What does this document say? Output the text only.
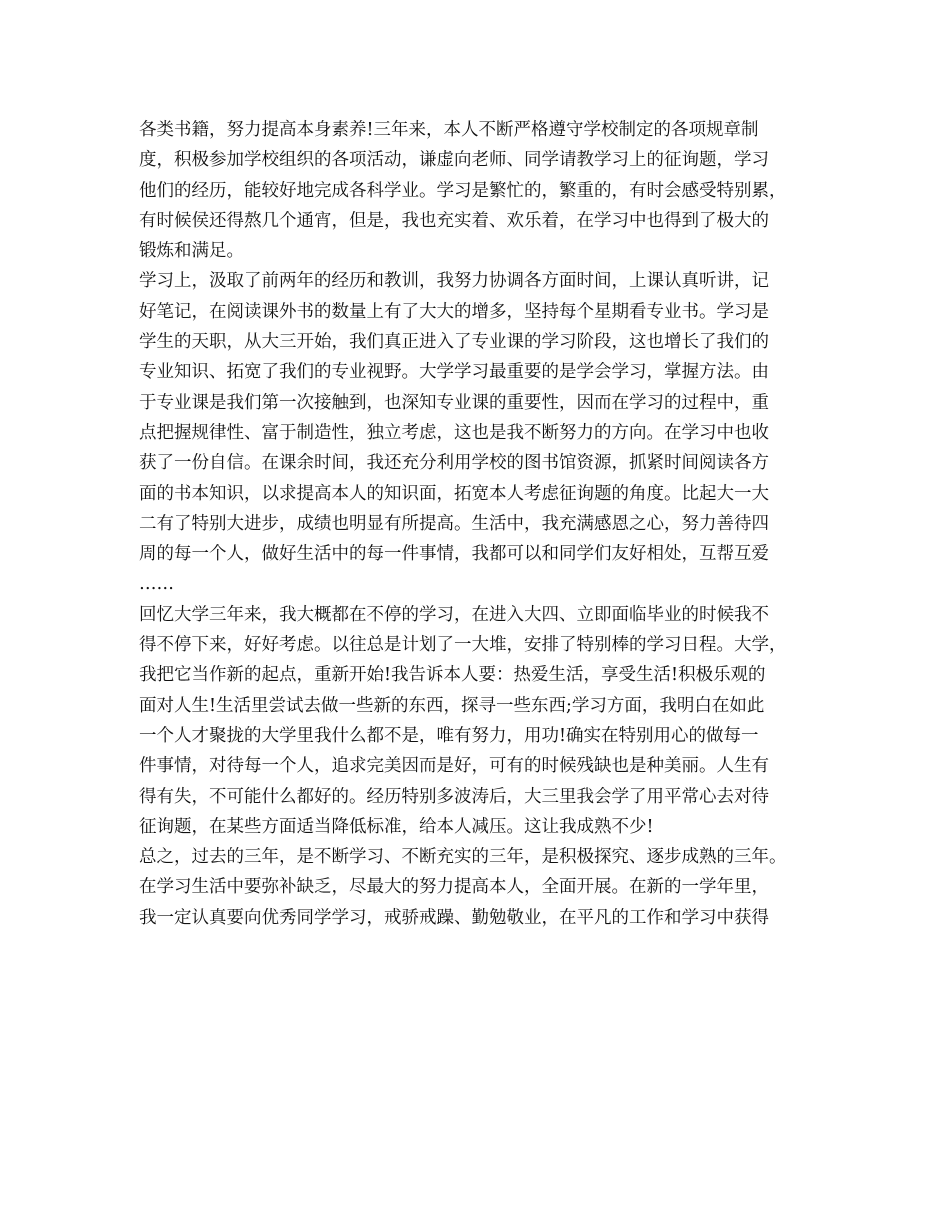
各类书籍，努力提高本身素养!三年来，本人不断严格遵守学校制定的各项规章制
度，积极参加学校组织的各项活动，谦虚向老师、同学请教学习上的征询题，学习
他们的经历，能较好地完成各科学业。学习是繁忙的，繁重的，有时会感受特别累，
有时候侯还得熬几个通宵，但是，我也充实着、欢乐着，在学习中也得到了极大的
锻炼和满足。
学习上，汲取了前两年的经历和教训，我努力协调各方面时间，上课认真听讲，记
好笔记，在阅读课外书的数量上有了大大的增多，坚持每个星期看专业书。学习是
学生的天职，从大三开始，我们真正进入了专业课的学习阶段，这也增长了我们的
专业知识、拓宽了我们的专业视野。大学学习最重要的是学会学习，掌握方法。由
于专业课是我们第一次接触到，也深知专业课的重要性，因而在学习的过程中，重
点把握规律性、富于制造性，独立考虑，这也是我不断努力的方向。在学习中也收
获了一份自信。在课余时间，我还充分利用学校的图书馆资源，抓紧时间阅读各方
面的书本知识，以求提高本人的知识面，拓宽本人考虑征询题的角度。比起大一大
二有了特别大进步，成绩也明显有所提高。生活中，我充满感恩之心，努力善待四
周的每一个人，做好生活中的每一件事情，我都可以和同学们友好相处，互帮互爱
……
回忆大学三年来，我大概都在不停的学习，在进入大四、立即面临毕业的时候我不
得不停下来，好好考虑。以往总是计划了一大堆，安排了特别棒的学习日程。大学，
我把它当作新的起点，重新开始!我告诉本人要：热爱生活，享受生活!积极乐观的
面对人生!生活里尝试去做一些新的东西，探寻一些东西;学习方面，我明白在如此
一个人才聚拢的大学里我什么都不是，唯有努力，用功!确实在特别用心的做每一
件事情，对待每一个人，追求完美因而是好，可有的时候残缺也是种美丽。人生有
得有失，不可能什么都好的。经历特别多波涛后，大三里我会学了用平常心去对待
征询题，在某些方面适当降低标准，给本人减压。这让我成熟不少!
总之，过去的三年，是不断学习、不断充实的三年，是积极探究、逐步成熟的三年。
在学习生活中要弥补缺乏，尽最大的努力提高本人，全面开展。在新的一学年里，
我一定认真要向优秀同学学习，戒骄戒躁、勤勉敬业，在平凡的工作和学习中获得
